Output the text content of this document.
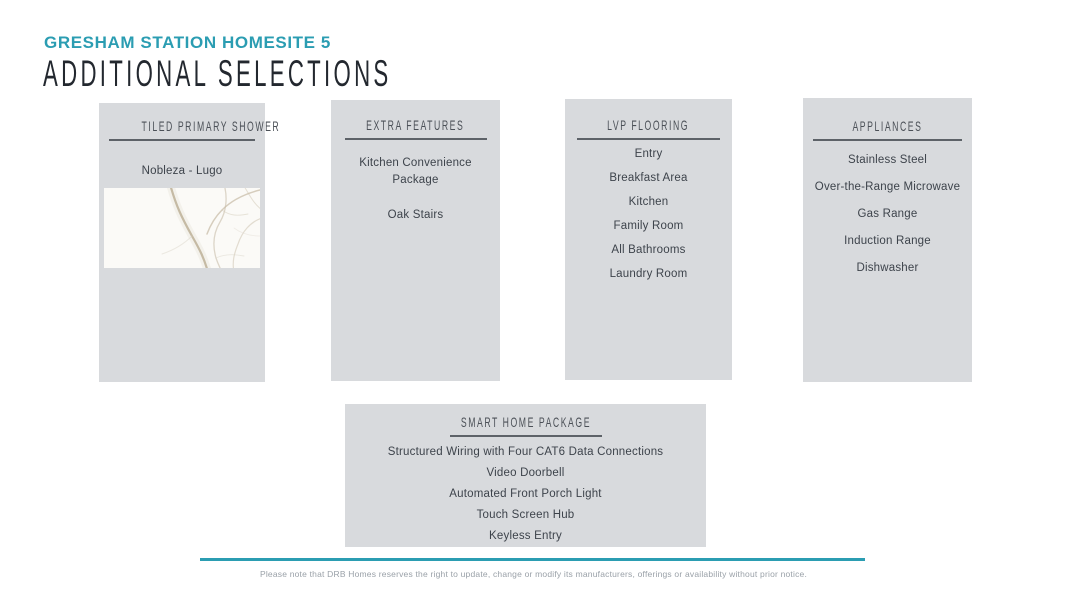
GRESHAM STATION HOMESITE 5
ADDITIONAL SELECTIONS
TILED PRIMARY SHOWER
Nobleza - Lugo
EXTRA FEATURES
Kitchen Convenience Package
Oak Stairs
LVP FLOORING
Entry
Breakfast Area
Kitchen
Family Room
All Bathrooms
Laundry Room
APPLIANCES
Stainless Steel
Over-the-Range Microwave
Gas Range
Induction Range
Dishwasher
SMART HOME PACKAGE
Structured Wiring with Four CAT6 Data Connections
Video Doorbell
Automated Front Porch Light
Touch Screen Hub
Keyless Entry
Please note that DRB Homes reserves the right to update, change or modify its manufacturers, offerings or availability without prior notice.
